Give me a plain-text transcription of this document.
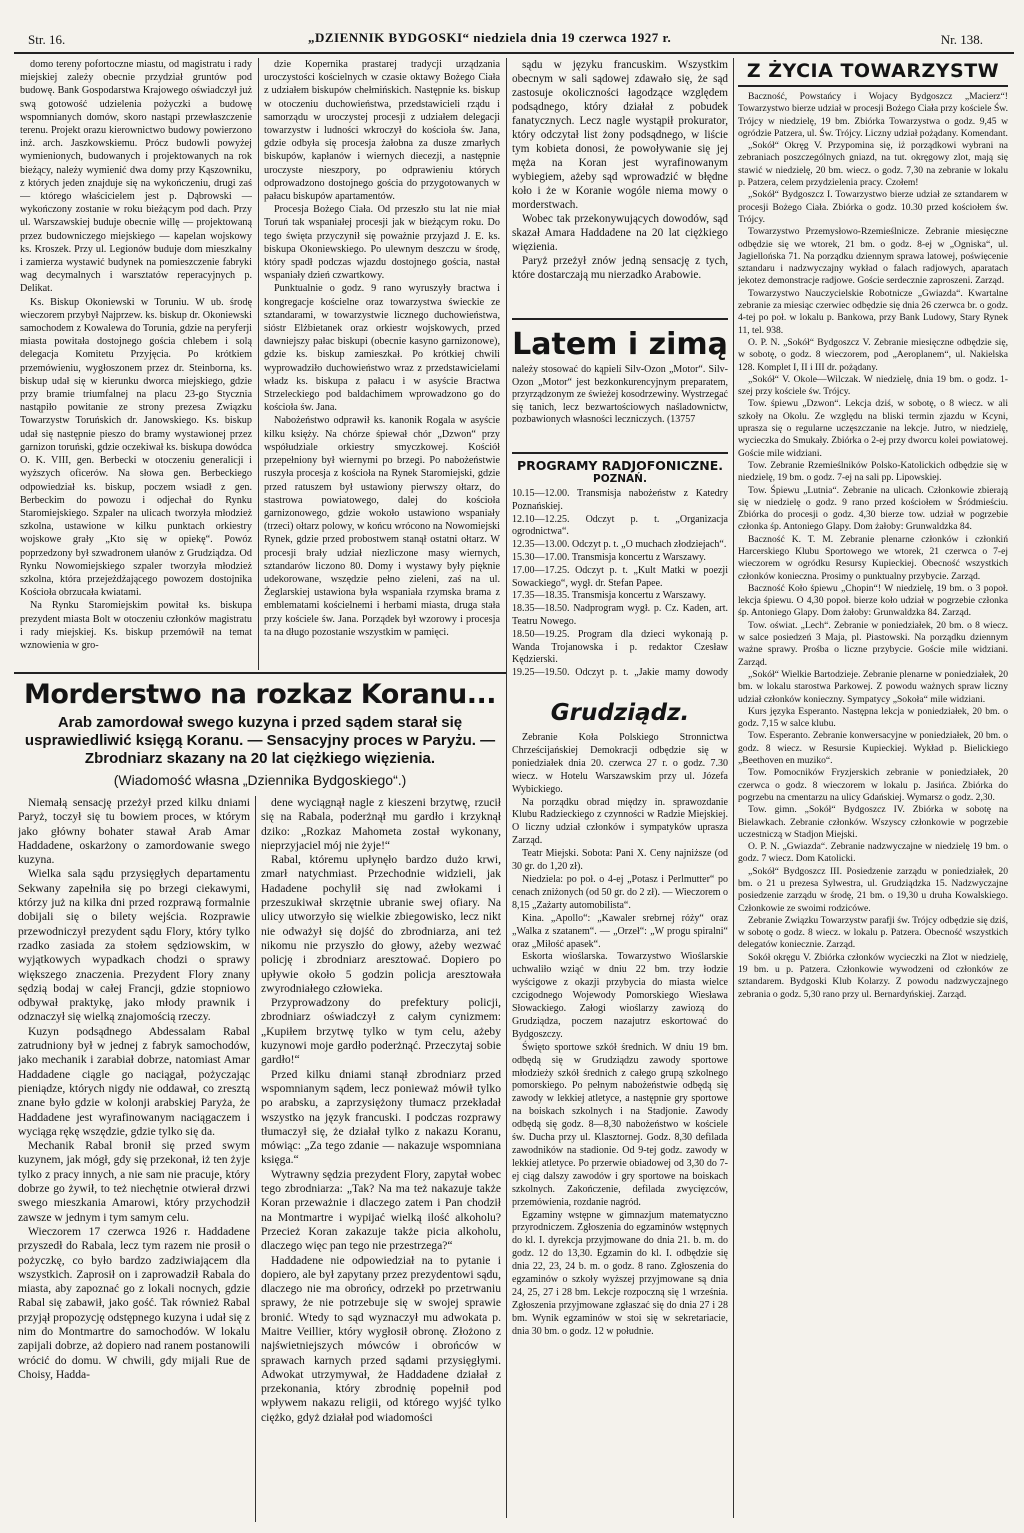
Str. 16.	„DZIENNIK BYDGOSKI“ niedziela dnia 19 czerwca 1927 r.	Nr. 138.

domo tereny pofortoczne miastu, od magistratu i rady miejskiej zależy obecnie przydział gruntów pod budowę. Bank Gospodarstwa Krajowego oświadczył już swą gotowość udzielenia pożyczki a budowę wspomnianych domów, skoro nastąpi przewłaszczenie terenu. Projekt orazu kierownictwo budowy powierzono inż. arch. Jaszkowskiemu. Prócz budowli powyżej wymienionych, budowanych i projektowanych na rok bieżący, należy wymienić dwa domy przy Kąszowniku, z których jeden znajduje się na wykończeniu, drugi zaś — którego właścicielem jest p. Dąbrowski — wykończony zostanie w roku bieżącym pod dach. Przy ul. Warszawskiej buduje obecnie willę — projektowaną przez budowniczego miejskiego — kapelan wojskowy ks. Kroszek. Przy ul. Legionów buduje dom mieszkalny i zamierza wystawić budynek na pomieszczenie fabryki wag decymalnych i warsztatów reperacyjnych p. Delikat.

Ks. Biskup Okoniewski w Toruniu. W ub. środę wieczorem przybył Najprzew. ks. biskup dr. Okoniewski samochodem z Kowalewa do Torunia, gdzie na peryferji miasta powitała dostojnego gościa chlebem i solą delegacja Komitetu Przyjęcia. Po krótkiem przemówieniu, wygłoszonem przez dr. Steinborna, ks. biskup udał się w kierunku dworca miejskiego, gdzie przy bramie triumfalnej na placu 23-go Stycznia nastąpiło powitanie ze strony prezesa Związku Towarzystw Toruńskich dr. Janowskiego. Ks. biskup udał się następnie pieszo do bramy wystawionej przez garnizon toruński, gdzie oczekiwał ks. biskupa dowódca O. K. VIII, gen. Berbecki w otoczeniu generalicji i wyższych oficerów. Na słowa gen. Berbeckiego odpowiedział ks. biskup, poczem wsiadł z gen. Berbeckim do powozu i odjechał do Rynku Staromiejskiego. Szpaler na ulicach tworzyła młodzież szkolna, ustawione w kilku punktach orkiestry wojskowe grały „Kto się w opiekę“. Powóz poprzedzony był szwadronem ułanów z Grudziądza. Od Rynku Nowomiejskiego szpaler tworzyła młodzież szkolna, która przejeżdżającego powozem dostojnika Kościoła obrzucała kwiatami.

Na Rynku Staromiejskim powitał ks. biskupa prezydent miasta Bolt w otoczeniu członków magistratu i rady miejskiej. Ks. biskup przemówił na temat wznowienia w gro-

dzie Kopernika prastarej tradycji urządzania uroczystości kościelnych w czasie oktawy Bożego Ciała z udziałem biskupów chełmińskich. Następnie ks. biskup w otoczeniu duchowieństwa, przedstawicieli rządu i samorządu w uroczystej procesji z udziałem delegacji towarzystw i ludności wkroczył do kościoła św. Jana, gdzie odbyła się procesja żałobna za dusze zmarłych biskupów, kapłanów i wiernych diecezji, a następnie uroczyste nieszpory, po odprawieniu których odprowadzono dostojnego gościa do przygotowanych w pałacu biskupów apartamentów.

Procesja Bożego Ciała. Od przeszło stu lat nie miał Toruń tak wspaniałej procesji jak w bieżącym roku. Do tego święta przyczynił się poważnie przyjazd J. E. ks. biskupa Okoniewskiego. Po ulewnym deszczu w środę, który spadł podczas wjazdu dostojnego gościa, nastał wspaniały dzień czwartkowy.

Punktualnie o godz. 9 rano wyruszyły bractwa i kongregacje kościelne oraz towarzystwa świeckie ze sztandarami, w towarzystwie licznego duchowieństwa, sióstr Elżbietanek oraz orkiestr wojskowych, przed dawniejszy pałac biskupi (obecnie kasyno garnizonowe), gdzie ks. biskup zamieszkał. Po krótkiej chwili wyprowadziło duchowieństwo wraz z przedstawicielami władz ks. biskupa z pałacu i w asyście Bractwa Strzeleckiego pod baldachimem wprowadzono go do kościoła św. Jana.

Nabożeństwo odprawił ks. kanonik Rogala w asyście kilku księży. Na chórze śpiewał chór „Dzwon“ przy współudziale orkiestry smyczkowej. Kościół przepełniony był wiernymi po brzegi. Po nabożeństwie ruszyła procesja z kościoła na Rynek Staromiejski, gdzie przed ratuszem był ustawiony pierwszy ołtarz, do stastrowa powiatowego, dalej do kościoła garnizonowego, gdzie wokoło ustawiono wspaniały (trzeci) ołtarz polowy, w końcu wrócono na Nowomiejski Rynek, gdzie przed probostwem stanął ostatni ołtarz. W procesji brały udział niezliczone masy wiernych, sztandarów liczono 80. Domy i wystawy były pięknie udekorowane, wszędzie pełno zieleni, zaś na ul. Żeglarskiej ustawiona była wspaniała rzymska brama z emblematami kościelnemi i herbami miasta, druga stała przy kościele św. Jana. Porządek był wzorowy i procesja ta na długo pozostanie wszystkim w pamięci.

sądu w języku francuskim. Wszystkim obecnym w sali sądowej zdawało się, że sąd zastosuje okoliczności łagodzące względem podsądnego, który działał z pobudek fanatycznych. Lecz nagle wystąpił prokurator, który odczytał list żony podsądnego, w liście tym kobieta donosi, że powoływanie się jej męża na Koran jest wyrafinowanym wybiegiem, ażeby sąd wprowadzić w błędne koło i że w Koranie wogóle niema mowy o morderstwach.

Wobec tak przekonywujących dowodów, sąd skazał Amara Haddadene na 20 lat ciężkiego więzienia.

Paryż przeżył znów jedną sensację z tych, które dostarczają mu nierzadko Arabowie.

Latem i zimą
należy stosować do kąpieli Silv-Ozon „Motor“. Silv-Ozon „Motor“ jest bezkonkurencyjnym preparatem, przyrządzonym ze świeżej kosodrzewiny. Wystrzegać się tanich, lecz bezwartościowych naśladownictw, pozbawionych własności leczniczych. (13757
PROGRAMY RADJOFONICZNE.
POZNAŃ.
10.15—12.00. Transmisja nabożeństw z Katedry Poznańskiej.
12.10—12.25. Odczyt p. t. „Organizacja ogrodnictwa“.
12.35—13.00. Odczyt p. t. „O muchach złodziejach“.
15.30—17.00. Transmisja koncertu z Warszawy.
17.00—17.25. Odczyt p. t. „Kult Matki w poezji Sowackiego“, wygł. dr. Stefan Papee.
17.35—18.35. Transmisja koncertu z Warszawy.
18.35—18.50. Nadprogram wygł. p. Cz. Kaden, art. Teatru Nowego.
18.50—19.25. Program dla dzieci wykonają p. Wanda Trojanowska i p. redaktor Czesław Kędzierski.
19.25—19.50. Odczyt p. t. „Jakie mamy dowody
Z ŻYCIA TOWARZYSTW

Baczność, Powstańcy i Wojacy Bydgoszcz „Macierz“! Towarzystwo bierze udział w procesji Bożego Ciała przy kościele Św. Trójcy w niedzielę, 19 bm. Zbiórka Towarzystwa o godz. 9,45 w ogródzie Patzera, ul. Św. Trójcy. Liczny udział pożądany. Komendant.

„Sokół“ Okręg V. Przypomina się, iż porządkowi wybrani na zebraniach poszczególnych gniazd, na tut. okręgowy zlot, mają się stawić w niedzielę, 20 bm. wiecz. o godz. 7,30 na zebranie w lokalu p. Patzera, celem przydzielenia pracy. Czołem!

„Sokół“ Bydgoszcz I. Towarzystwo bierze udział ze sztandarem w procesji Bożego Ciała. Zbiórka o godz. 10.30 przed kościołem św. Trójcy.

Towarzystwo Przemysłowo-Rzemieślnicze. Zebranie miesięczne odbędzie się we wtorek, 21 bm. o godz. 8-ej w „Ogniska“, ul. Jagiellońska 71. Na porządku dziennym sprawa latowej, poświęcenie sztandaru i nadzwyczajny wykład o falach radjowych, aparatach jekotez demonstracje radjowe. Goście serdecznie zaproszeni. Zarząd.

Towarzystwo Nauczycielskie Robotnicze „Gwiazda“. Kwartalne zebranie za miesiąc czerwiec odbędzie się dnia 26 czerwca br. o godz. 4-tej po poł. w lokalu p. Bankowa, przy Bank Ludowy, Stary Rynek 11, tel. 938.

O. P. N. „Sokół“ Bydgoszcz V. Zebranie miesięczne odbędzie się, w sobotę, o godz. 8 wieczorem, pod „Aeroplanem“, ul. Nakielska 128. Komplet I, II i III dr. pożądany.

„Sokół“ V. Okole—Wilczak. W niedzielę, dnia 19 bm. o godz. 1-szej przy kościele św. Trójcy.

Tow. śpiewu „Dzwon“. Lekcja dziś, w sobotę, o 8 wiecz. w ali szkoły na Okolu. Ze względu na bliski termin zjazdu w Kcyni, uprasza się o regularne uczęszczanie na lekcje. Jutro, w niedzielę, wycieczka do Smukały. Zbiórka o 2-ej przy dworcu kolei powiatowej. Goście mile widziani.

Tow. Zebranie Rzemieślników Polsko-Katolickich odbędzie się w niedzielę, 19 bm. o godz. 7-ej na sali pp. Lipowskiej.

Tow. Śpiewu „Lutnia“. Zebranie na ulicach. Członkowie zbierają się w niedzielę o godz. 9 rano przed kościołem w Śródmieściu. Zbiórka do procesji o godz. 4,30 bierze tow. udział w pogrzebie członka śp. Antoniego Glapy. Dom żałoby: Grunwaldzka 84.

Baczność K. T. M. Zebranie plenarne członków i członkiń Harcerskiego Klubu Sportowego we wtorek, 21 czerwca o 7-ej wieczorem w ogródku Resursy Kupieckiej. Obecność wszystkich członków konieczna. Prosimy o punktualny przybycie. Zarząd.

Baczność Koło śpiewu „Chopin“! W niedzielę, 19 bm. o 3 popoł. lekcja śpiewu. O 4,30 popoł. bierze koło udział w pogrzebie członka śp. Antoniego Glapy. Dom żałoby: Grunwaldzka 84. Zarząd.

Tow. oświat. „Lech“. Zebranie w poniedziałek, 20 bm. o 8 wiecz. w salce posiedzeń 3 Maja, pl. Piastowski. Na porządku dziennym ważne sprawy. Prośba o liczne przybycie. Goście mile widziani. Zarząd.

„Sokół“ Wielkie Bartodzieje. Zebranie plenarne w poniedziałek, 20 bm. w lokalu starostwa Parkowej. Z powodu ważnych spraw liczny udział członków konieczny. Sympatycy „Sokoła“ mile widziani.

Kurs języka Esperanto. Następna lekcja w poniedziałek, 20 bm. o godz. 7,15 w salce klubu.

Tow. Esperanto. Zebranie konwersacyjne w poniedziałek, 20 bm. o godz. 8 wiecz. w Resursie Kupieckiej. Wykład p. Bielickiego „Beethoven en muziko“.

Tow. Pomocników Fryzjerskich zebranie w poniedziałek, 20 czerwca o godz. 8 wieczorem w lokalu p. Jasińca. Zbiórka do pogrzebu na cmentarzu na ulicy Gdańskiej. Wymarsz o godz. 2,30.

Tow. gimn. „Sokół“ Bydgoszcz IV. Zbiórka w sobotę na Bielawkach. Zebranie członków. Wszyscy członkowie w pogrzebie uczestniczą w Stadjon Miejski.

O. P. N. „Gwiazda“. Zebranie nadzwyczajne w niedzielę 19 bm. o godz. 7 wiecz. Dom Katolicki.

„Sokół“ Bydgoszcz III. Posiedzenie zarządu w poniedziałek, 20 bm. o 21 u prezesa Sylwestra, ul. Grudziądzka 15. Nadzwyczajne posiedzenie zarządu w środę, 21 bm. o 19,30 u druha Kowalskiego. Członkowie ze swoimi rodzicówe.

Zebranie Związku Towarzystw parafji św. Trójcy odbędzie się dziś, w sobotę o godz. 8 wiecz. w lokalu p. Patzera. Obecność wszystkich delegatów koniecznie. Zarząd.

Sokół okręgu V. Zbiórka członków wycieczki na Zlot w niedzielę, 19 bm. u p. Patzera. Członkowie wywodzeni od członków ze sztandarem. Bydgoski Klub Kolarzy. Z powodu nadzwyczajnego zebrania o godz. 5,30 rano przy ul. Bernardyńskiej. Zarząd.

Morderstwo na rozkaz Koranu...
Arab zamordował swego kuzyna i przed sądem starał się usprawiedliwić księgą Koranu. — Sensacyjny proces w Paryżu. — Zbrodniarz skazany na 20 lat ciężkiego więzienia.
(Wiadomość własna „Dziennika Bydgoskiego“.)

Niemałą sensację przeżył przed kilku dniami Paryż, toczył się tu bowiem proces, w którym jako główny bohater stawał Arab Amar Haddadene, oskarżony o zamordowanie swego kuzyna.

Wielka sala sądu przysięgłych departamentu Sekwany zapełniła się po brzegi ciekawymi, którzy już na kilka dni przed rozprawą formalnie dobijali się o bilety wejścia. Rozprawie przewodniczył prezydent sądu Flory, który tylko rzadko zasiada za stołem sędziowskim, w wyjątkowych wypadkach chodzi o sprawy większego znaczenia. Prezydent Flory znany sędzią bodaj w całej Francji, gdzie stopniowo odbywał praktykę, jako młody prawnik i odznaczył się wielką znajomością rzeczy.

Kuzyn podsądnego Abdessalam Rabal zatrudniony był w jednej z fabryk samochodów, jako mechanik i zarabiał dobrze, natomiast Amar Haddadene ciągle go naciągał, pożyczając pieniądze, których nigdy nie oddawał, co zresztą znane było gdzie w kolonji arabskiej Paryża, że Haddadene jest wyrafinowanym naciągaczem i wyciąga rękę wszędzie, gdzie tylko się da.

Mechanik Rabal bronił się przed swym kuzynem, jak mógł, gdy się przekonał, iż ten żyje tylko z pracy innych, a nie sam nie pracuje, który dobrze go żywił, to też niechętnie otwierał drzwi swego mieszkania Amarowi, który przychodził zawsze w jednym i tym samym celu.

Wieczorem 17 czerwca 1926 r. Haddadene przyszedł do Rabala, lecz tym razem nie prosił o pożyczkę, co było bardzo zadziwiającem dla wszystkich. Zaprosił on i zaprowadził Rabala do miasta, aby zapoznać go z lokali nocnych, gdzie Rabal się zabawił, jako gość. Tak również Rabal przyjął propozycję odstępnego kuzyna i udał się z nim do Montmartre do samochodów. W lokalu zapijali dobrze, aż dopiero nad ranem postanowili wrócić do domu. W chwili, gdy mijali Rue de Choisy, Hadda-

dene wyciągnął nagle z kieszeni brzytwę, rzucił się na Rabala, poderżnął mu gardło i krzyknął dziko: „Rozkaz Mahometa został wykonany, nieprzyjaciel mój nie żyje!“

Rabal, któremu upłynęło bardzo dużo krwi, zmarł natychmiast. Przechodnie widzieli, jak Hadadene pochylił się nad zwłokami i przeszukiwał skrzętnie ubranie swej ofiary. Na ulicy utworzyło się wielkie zbiegowisko, lecz nikt nie odważył się dojść do zbrodniarza, ani też nikomu nie przyszło do głowy, ażeby wezwać policję i zbrodniarz aresztować. Dopiero po upływie około 5 godzin policja aresztowała zwyrodniałego człowieka.

Przyprowadzony do prefektury policji, zbrodniarz oświadczył z całym cynizmem: „Kupiłem brzytwę tylko w tym celu, ażeby kuzynowi moje gardło poderżnąć. Przeczytaj sobie gardło!“

Przed kilku dniami stanął zbrodniarz przed wspomnianym sądem, lecz ponieważ mówił tylko po arabsku, a zaprzysiężony tłumacz przekładał wszystko na język francuski. I podczas rozprawy tłumaczył się, że działał tylko z nakazu Koranu, mówiąc: „Za tego zdanie — nakazuje wspomniana księga.“

Wytrawny sędzia prezydent Flory, zapytał wobec tego zbrodniarza: „Tak? Na ma też nakazuje także Koran przeważnie i dlaczego zatem i Pan chodził na Montmartre i wypijać wielką ilość alkoholu? Przecież Koran zakazuje także picia alkoholu, dlaczego więc pan tego nie przestrzega?“

Haddadene nie odpowiedział na to pytanie i dopiero, ale był zapytany przez prezydentowi sądu, dlaczego nie ma obrońcy, odrzekł po przetrwaniu sprawy, że nie potrzebuje się w swojej sprawie bronić. Wtedy to sąd wyznaczył mu adwokata p. Maitre Veillier, który wygłosił obronę. Złożono z najświetniejszych mówców i obrońców w sprawach karnych przed sądami przysięgłymi. Adwokat utrzymywał, że Haddadene działał z przekonania, który zbrodnię popełnił pod wpływem nakazu religii, od którego wyjść tylko ciężko, gdyż działał pod wiadomości

Grudziądz.

Zebranie Koła Polskiego Stronnictwa Chrześcijańskiej Demokracji odbędzie się w poniedziałek dnia 20. czerwca 27 r. o godz. 7.30 wiecz. w Hotelu Warszawskim przy ul. Józefa Wybickiego.

Na porządku obrad między in. sprawozdanie Klubu Radzieckiego z czynności w Radzie Miejskiej. O liczny udział członków i sympatyków uprasza Zarząd.

Teatr Miejski. Sobota: Pani X. Ceny najniższe (od 30 gr. do 1,20 zł).

Niedziela: po poł. o 4-ej „Potasz i Perlmutter“ po cenach zniżonych (od 50 gr. do 2 zł). — Wieczorem o 8,15 „Zażarty automobilista“.

Kina. „Apollo“: „Kawaler srebrnej róży“ oraz „Walka z szatanem“. — „Orzeł“: „W progu spiralni“ oraz „Miłość apasek“.

Eskorta wioślarska. Towarzystwo Wioślarskie uchwaliło wziąć w dniu 22 bm. trzy łodzie wyścigowe z okazji przybycia do miasta wielce czcigodnego Wojewody Pomorskiego Wiesława Słowackiego. Załogi wioślarzy zawiozą do Grudziądza, poczem nazajutrz eskortować do Bydgoszczy.

Święto sportowe szkół średnich. W dniu 19 bm. odbędą się w Grudziądzu zawody sportowe młodzieży szkół średnich z całego grupą szkolnego pomorskiego. Po pełnym nabożeństwie odbędą się zawody w lekkiej atletyce, a następnie gry sportowe na boiskach szkolnych i na Stadjonie. Zawody odbędą się godz. 8—8,30 nabożeństwo w kościele św. Ducha przy ul. Klasztornej. Godz. 8,30 defilada zawodników na stadionie. Od 9-tej godz. zawody w lekkiej atletyce. Po przerwie obiadowej od 3,30 do 7-ej ciąg dalszy zawodów i gry sportowe na boiskach szkolnych. Zakończenie, defilada zwycięzców, przemówienia, rozdanie nagród.

Egzaminy wstępne w gimnazjum matematyczno przyrodniczem. Zgłoszenia do egzaminów wstępnych do kl. I. dyrekcja przyjmowane do dnia 21. b. m. do godz. 12 do 13,30. Egzamin do kl. I. odbędzie się dnia 22, 23, 24 b. m. o godz. 8 rano. Zgłoszenia do egzaminów o szkoły wyższej przyjmowane są dnia 24, 25, 27 i 28 bm. Lekcje rozpoczną się 1 września. Zgłoszenia przyjmowane zgłaszać się do dnia 27 i 28 bm. Wynik egzaminów w stoi się w sekretariacie, dnia 30 bm. o godz. 12 w południe.
